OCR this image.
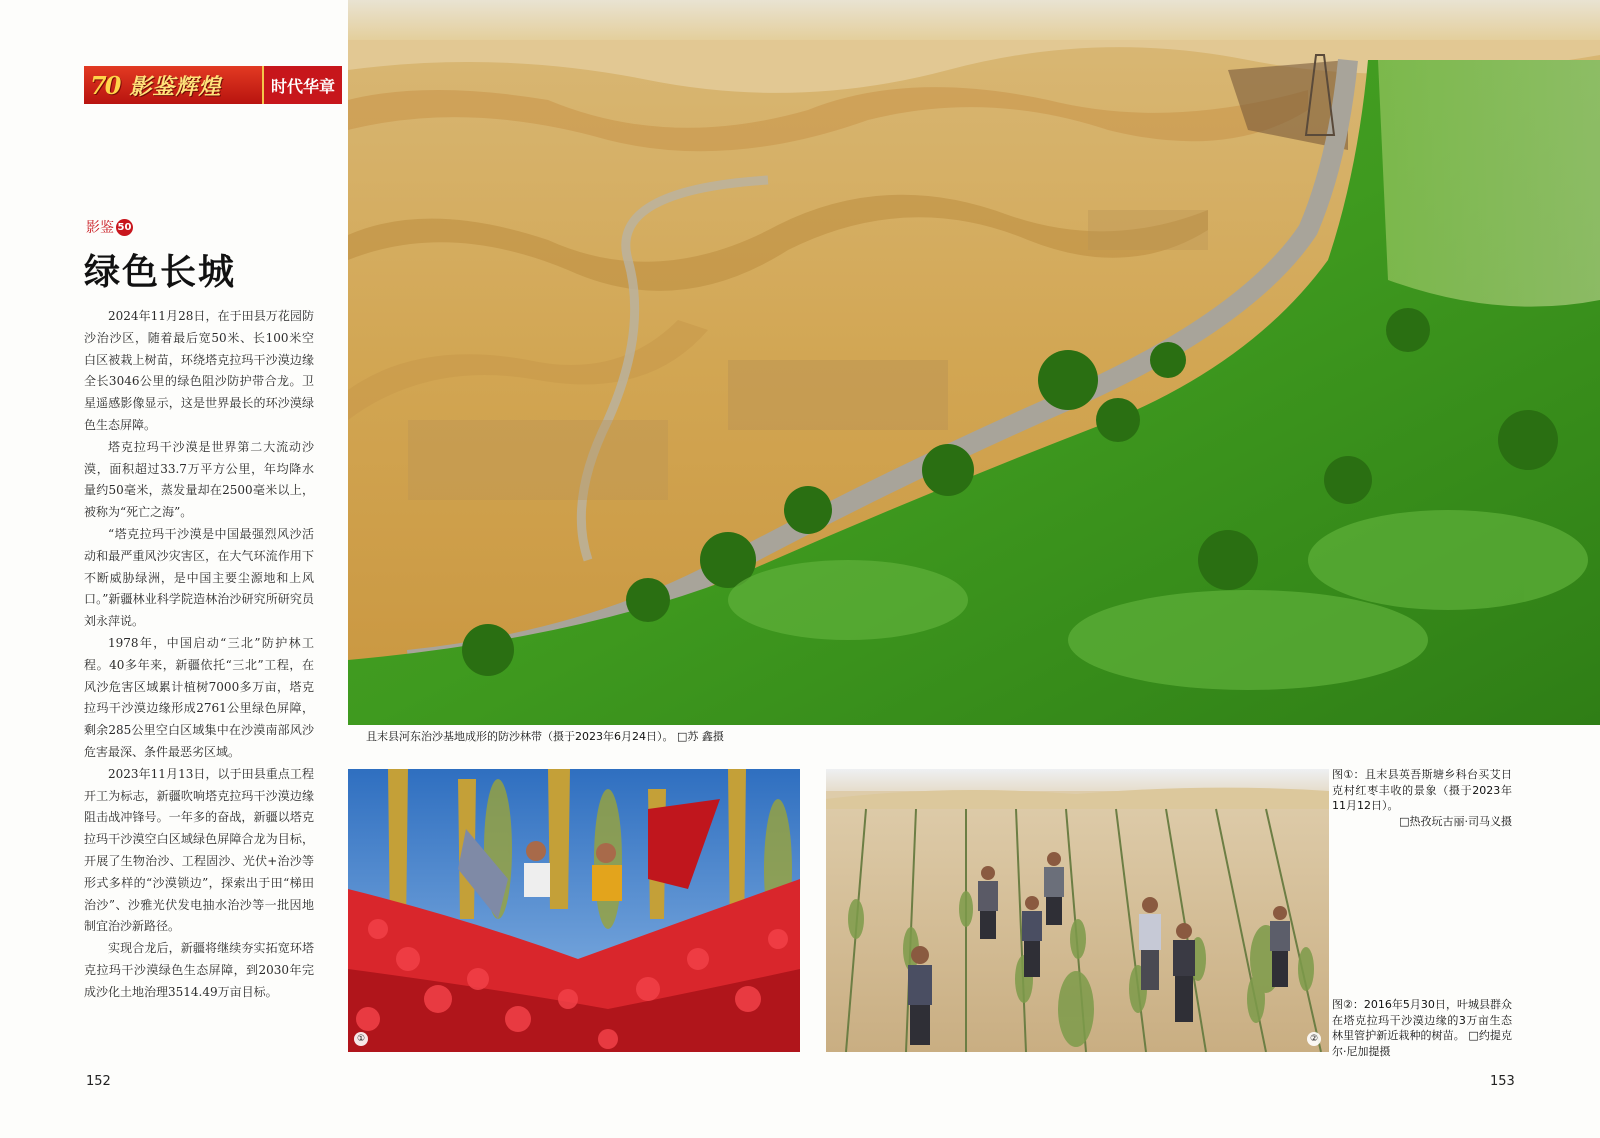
70 影鉴辉煌	时代华章
影鉴 50
绿色长城

2024年11月28日，在于田县万花园防沙治沙区，随着最后宽50米、长100米空白区被栽上树苗，环绕塔克拉玛干沙漠边缘全长3046公里的绿色阻沙防护带合龙。卫星遥感影像显示，这是世界最长的环沙漠绿色生态屏障。

塔克拉玛干沙漠是世界第二大流动沙漠，面积超过33.7万平方公里，年均降水量约50毫米，蒸发量却在2500毫米以上，被称为“死亡之海”。

“塔克拉玛干沙漠是中国最强烈风沙活动和最严重风沙灾害区，在大气环流作用下不断威胁绿洲，是中国主要尘源地和上风口。”新疆林业科学院造林治沙研究所研究员刘永萍说。

1978年，中国启动“三北”防护林工程。40多年来，新疆依托“三北”工程，在风沙危害区域累计植树7000多万亩，塔克拉玛干沙漠边缘形成2761公里绿色屏障，剩余285公里空白区域集中在沙漠南部风沙危害最深、条件最恶劣区域。

2023年11月13日，以于田县重点工程开工为标志，新疆吹响塔克拉玛干沙漠边缘阻击战冲锋号。一年多的奋战，新疆以塔克拉玛干沙漠空白区域绿色屏障合龙为目标，开展了生物治沙、工程固沙、光伏+治沙等形式多样的“沙漠锁边”，探索出于田“梯田治沙”、沙雅光伏发电抽水治沙等一批因地制宜治沙新路径。

实现合龙后，新疆将继续夯实拓宽环塔克拉玛干沙漠绿色生态屏障，到2030年完成沙化土地治理3514.49万亩目标。

且末县河东治沙基地成形的防沙林带（摄于2023年6月24日）。 □苏 鑫摄
①	②
图①：且末县英吾斯塘乡科台买艾日克村红枣丰收的景象（摄于2023年11月12日）。
□热孜玩古丽·司马义摄
图②：2016年5月30日，叶城县群众在塔克拉玛干沙漠边缘的3万亩生态林里管护新近栽种的树苗。 □约提克尔·尼加提摄
152	153
